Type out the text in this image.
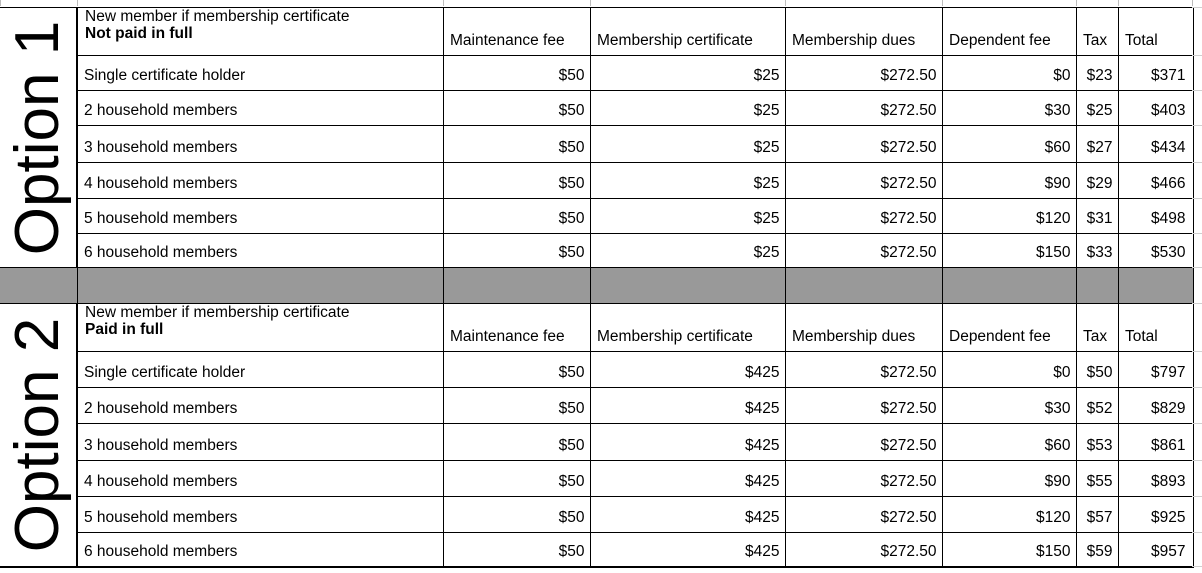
Option 1
New member if membership certificate
Not paid in full	Maintenance fee	Membership certificate	Membership dues	Dependent fee	Tax	Total
Single certificate holder	$50	$25	$272.50	$0	$23	$371
2 household members	$50	$25	$272.50	$30	$25	$403
3 household members	$50	$25	$272.50	$60	$27	$434
4 household members	$50	$25	$272.50	$90	$29	$466
5 household members	$50	$25	$272.50	$120	$31	$498
6 household members	$50	$25	$272.50	$150	$33	$530
Option 2
New member if membership certificate
Paid in full	Maintenance fee	Membership certificate	Membership dues	Dependent fee	Tax	Total
Single certificate holder	$50	$425	$272.50	$0	$50	$797
2 household members	$50	$425	$272.50	$30	$52	$829
3 household members	$50	$425	$272.50	$60	$53	$861
4 household members	$50	$425	$272.50	$90	$55	$893
5 household members	$50	$425	$272.50	$120	$57	$925
6 household members	$50	$425	$272.50	$150	$59	$957
